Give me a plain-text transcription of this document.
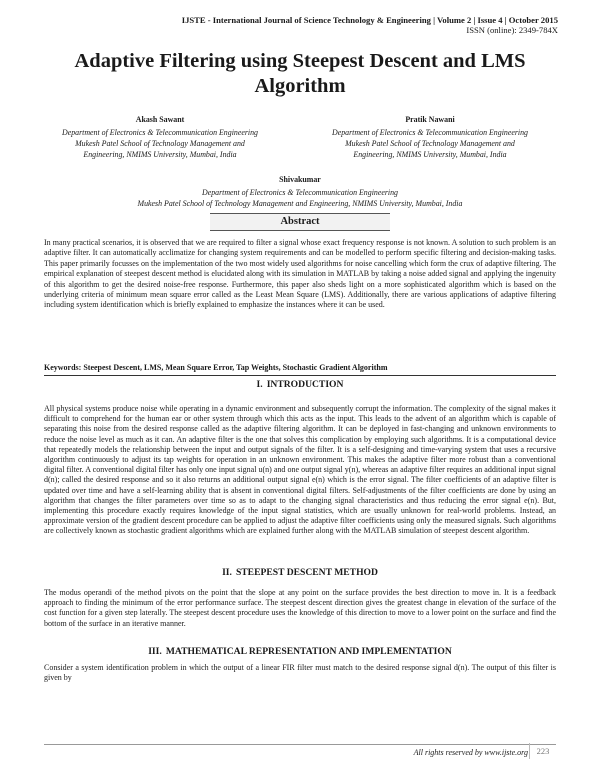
IJSTE - International Journal of Science Technology & Engineering | Volume 2 | Issue 4 | October 2015
ISSN (online): 2349-784X
Adaptive Filtering using Steepest Descent and LMS Algorithm
Akash Sawant
Department of Electronics & Telecommunication Engineering
Mukesh Patel School of Technology Management and
Engineering, NMIMS University, Mumbai, India
Pratik Nawani
Department of Electronics & Telecommunication Engineering
Mukesh Patel School of Technology Management and
Engineering, NMIMS University, Mumbai, India
Shivakumar
Department of Electronics & Telecommunication Engineering
Mukesh Patel School of Technology Management and Engineering, NMIMS University, Mumbai, India
Abstract
In many practical scenarios, it is observed that we are required to filter a signal whose exact frequency response is not known. A solution to such problem is an adaptive filter. It can automatically acclimatize for changing system requirements and can be modelled to perform specific filtering and decision-making tasks. This paper primarily focusses on the implementation of the two most widely used algorithms for noise cancelling which form the crux of adaptive filtering. The empirical explanation of steepest descent method is elucidated along with its simulation in MATLAB by taking a noise added signal and applying the ingenuity of this algorithm to get the desired noise-free response. Furthermore, this paper also sheds light on a more sophisticated algorithm which is based on the underlying criteria of minimum mean square error called as the Least Mean Square (LMS). Additionally, there are various applications of adaptive filtering including system identification which is briefly explained to emphasize the instances where it can be used.
Keywords: Steepest Descent, LMS, Mean Square Error, Tap Weights, Stochastic Gradient Algorithm
I. INTRODUCTION
All physical systems produce noise while operating in a dynamic environment and subsequently corrupt the information. The complexity of the signal makes it difficult to comprehend for the human ear or other system through which this acts as the input. This leads to the advent of an algorithm which is capable of separating this noise from the desired response called as the adaptive filtering algorithm. It can be deployed in fast-changing and unknown environments to reduce the noise level as much as it can. An adaptive filter is the one that solves this complication by employing such algorithms. It is a computational device that repeatedly models the relationship between the input and output signals of the filter. It is a self-designing and time-varying system that uses a recursive algorithm continuously to adjust its tap weights for operation in an unknown environment. This makes the adaptive filter more robust than a conventional digital filter. A conventional digital filter has only one input signal u(n) and one output signal y(n), whereas an adaptive filter requires an additional input signal d(n); called the desired response and so it also returns an additional output signal e(n) which is the error signal. The filter coefficients of an adaptive filter is updated over time and have a self-learning ability that is absent in conventional digital filters. Self-adjustments of the filter coefficients are done by using an algorithm that changes the filter parameters over time so as to adapt to the changing signal characteristics and thus reducing the error signal e(n). But, implementing this procedure exactly requires knowledge of the input signal statistics, which are usually unknown for real-world problems. Instead, an approximate version of the gradient descent procedure can be applied to adjust the adaptive filter coefficients using only the measured signals. Such algorithms are collectively known as stochastic gradient algorithms which are explained further along with the MATLAB simulation of steepest descent algorithm.
II. STEEPEST DESCENT METHOD
The modus operandi of the method pivots on the point that the slope at any point on the surface provides the best direction to move in. It is a feedback approach to finding the minimum of the error performance surface. The steepest descent direction gives the greatest change in elevation of the surface of the cost function for a given step laterally. The steepest descent procedure uses the knowledge of this direction to move to a lower point on the surface and find the bottom of the surface in an iterative manner.
III. MATHEMATICAL REPRESENTATION AND IMPLEMENTATION
Consider a system identification problem in which the output of a linear FIR filter must match to the desired response signal d(n). The output of this filter is given by
All rights reserved by www.ijste.org	223
